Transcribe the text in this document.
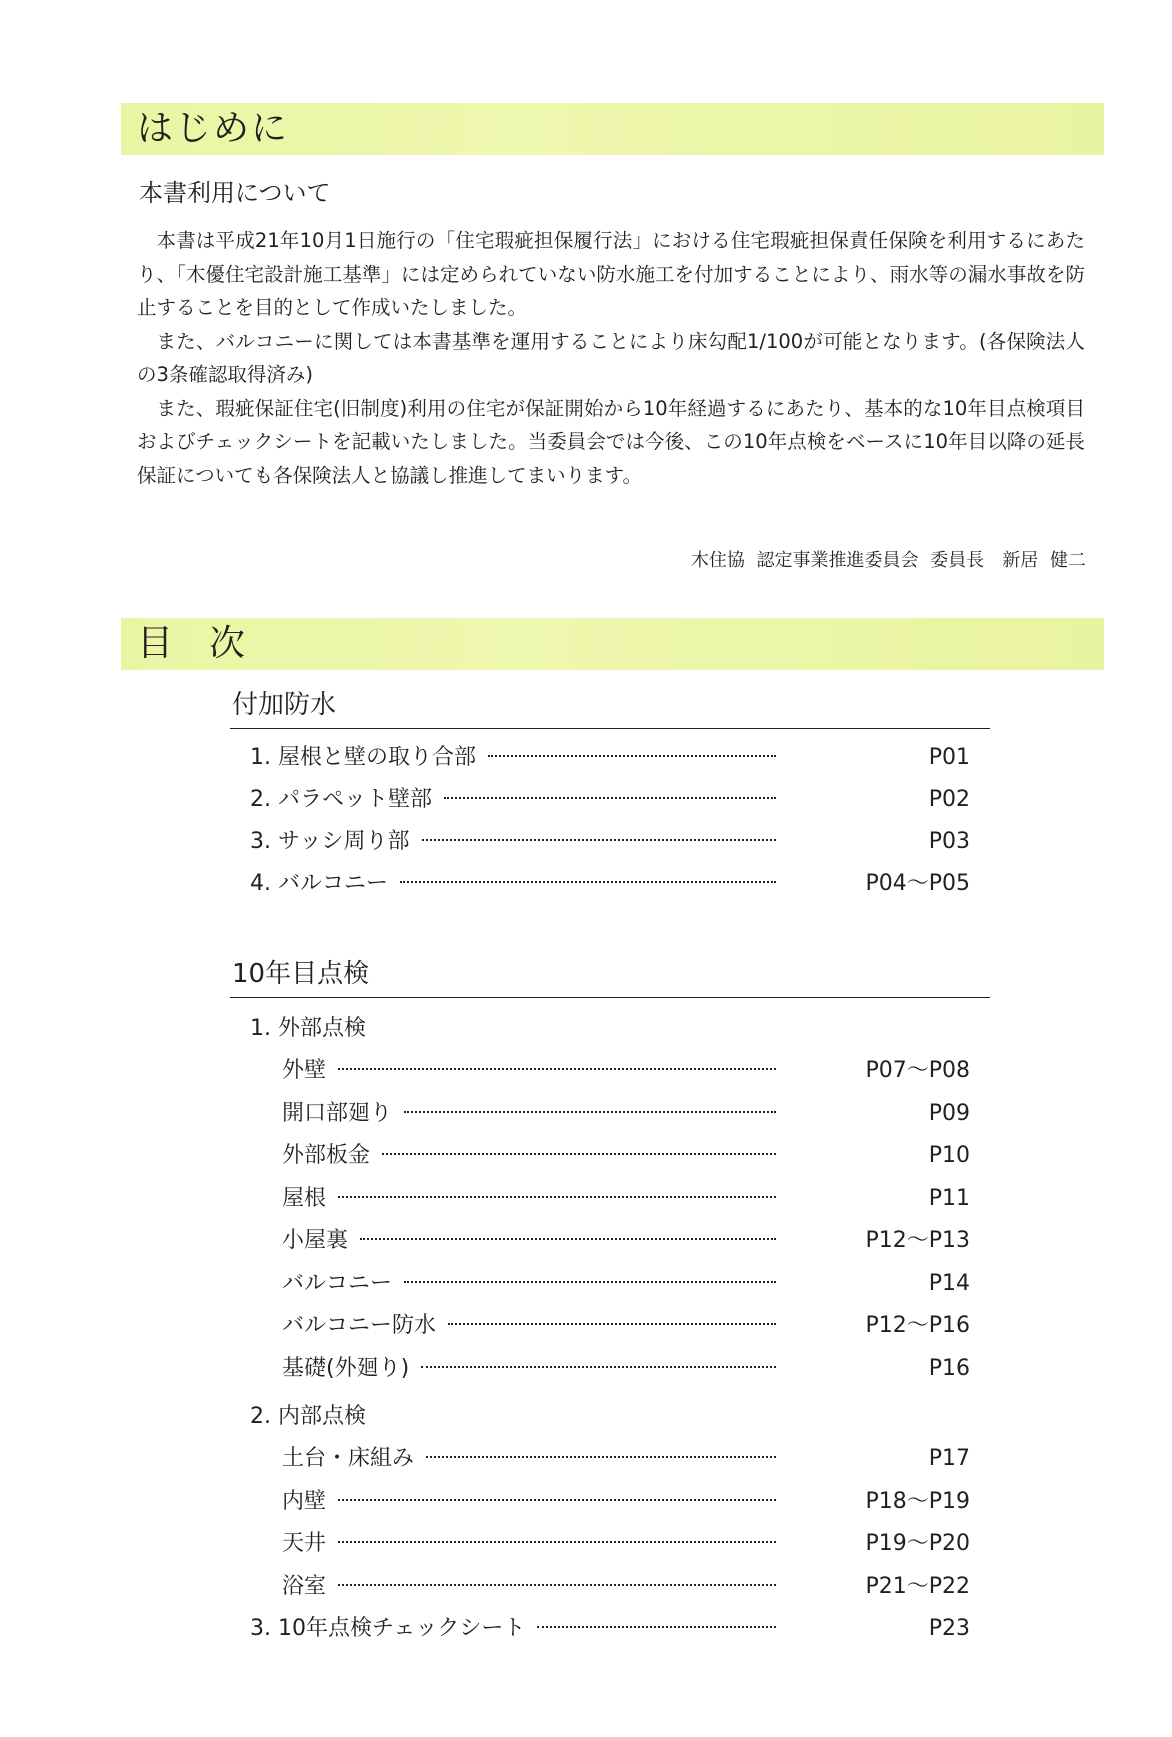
はじめに
本書利用について

本書は平成21年10月1日施行の「住宅瑕疵担保履行法」における住宅瑕疵担保責任保険を利用するにあたり、「木優住宅設計施工基準」には定められていない防水施工を付加することにより、雨水等の漏水事故を防止することを目的として作成いたしました。

また、バルコニーに関しては本書基準を運用することにより床勾配1/100が可能となります。(各保険法人の3条確認取得済み)

また、瑕疵保証住宅(旧制度)利用の住宅が保証開始から10年経過するにあたり、基本的な10年目点検項目およびチェックシートを記載いたしました。当委員会では今後、この10年点検をベースに10年目以降の延長保証についても各保険法人と協議し推進してまいります。

木住協 認定事業推進委員会 委員長　新居 健二

目次
付加防水
1. 屋根と壁の取り合部	P01
2. パラペット壁部	P02
3. サッシ周り部	P03
4. バルコニー	P04〜P05
10年目点検
1. 外部点検
外壁	P07〜P08
開口部廻り	P09
外部板金	P10
屋根	P11
小屋裏	P12〜P13
バルコニー	P14
バルコニー防水	P12〜P16
基礎(外廻り)	P16
2. 内部点検
土台・床組み	P17
内壁	P18〜P19
天井	P19〜P20
浴室	P21〜P22
3. 10年点検チェックシート	P23
